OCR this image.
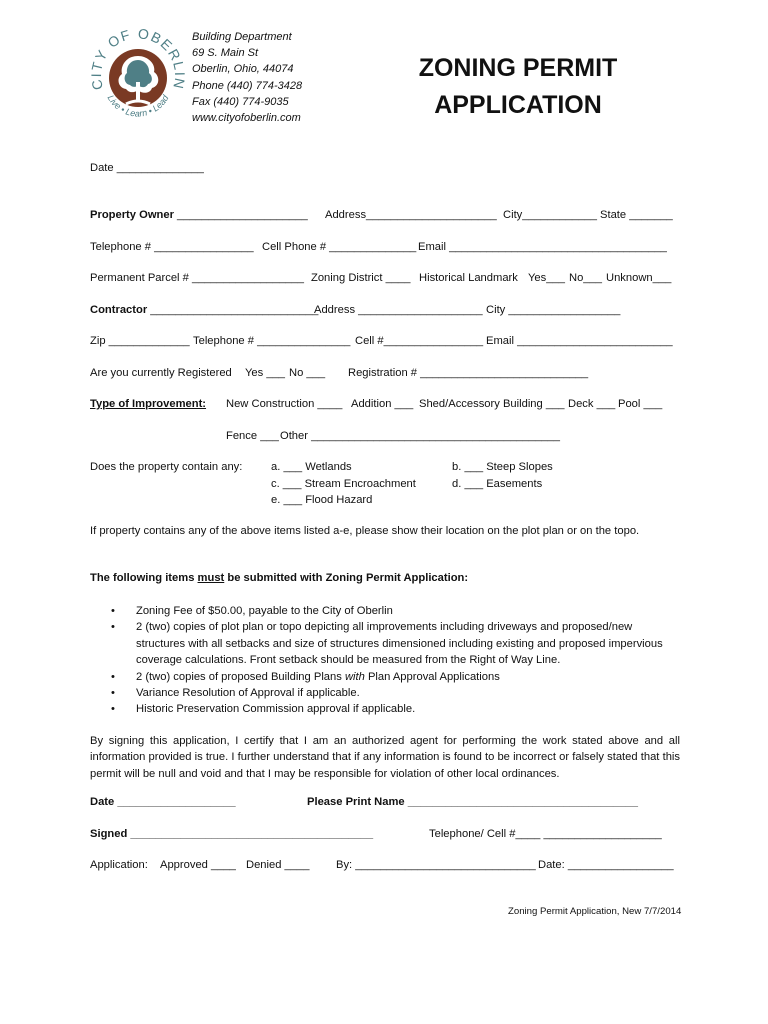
CITY OF OBERLIN
Live • Learn • Lead
Building Department
69 S. Main St
Oberlin, Ohio, 44074
Phone (440) 774-3428
Fax (440) 774-9035
www.cityofoberlin.com
ZONING PERMIT
APPLICATION
Date ______________
Property Owner _____________________ Address_____________________ City____________ State _______
Telephone # ________________ Cell Phone # ______________ Email ___________________________________
Permanent Parcel # __________________ Zoning District ____ Historical Landmark Yes___ No___ Unknown___
Contractor ___________________________
Address ____________________ City __________________
Zip _____________ Telephone # _______________ Cell #________________ Email _________________________
Are you currently Registered Yes ___ No ___ Registration # ___________________________
Type of Improvement: New Construction ____ Addition ___ Shed/Accessory Building ___ Deck ___ Pool ___
Fence ___ Other ________________________________________
Does the property contain any:	a. ___ Wetlands	b. ___ Steep Slopes
c. ___ Stream Encroachment	d. ___ Easements
e. ___ Flood Hazard
If property contains any of the above items listed a-e, please show their location on the plot plan or on the topo.
The following items must be submitted with Zoning Permit Application:
• Zoning Fee of $50.00, payable to the City of Oberlin
• 2 (two) copies of plot plan or topo depicting all improvements including driveways and proposed/new structures with all setbacks and size of structures dimensioned including existing and proposed impervious coverage calculations. Front setback should be measured from the Right of Way Line.
• 2 (two) copies of proposed Building Plans with Plan Approval Applications
• Variance Resolution of Approval if applicable.
• Historic Preservation Commission approval if applicable.
By signing this application, I certify that I am an authorized agent for performing the work stated above and all information provided is true. I further understand that if any information is found to be incorrect or falsely stated that this permit will be null and void and that I may be responsible for violation of other local ordinances.
Date ___________________	Please Print Name _____________________________________
Signed _______________________________________	Telephone/ Cell #____ ___________________
Application: Approved ____ Denied ____ By: _____________________________ Date: _________________
Zoning Permit Application, New 7/7/2014
